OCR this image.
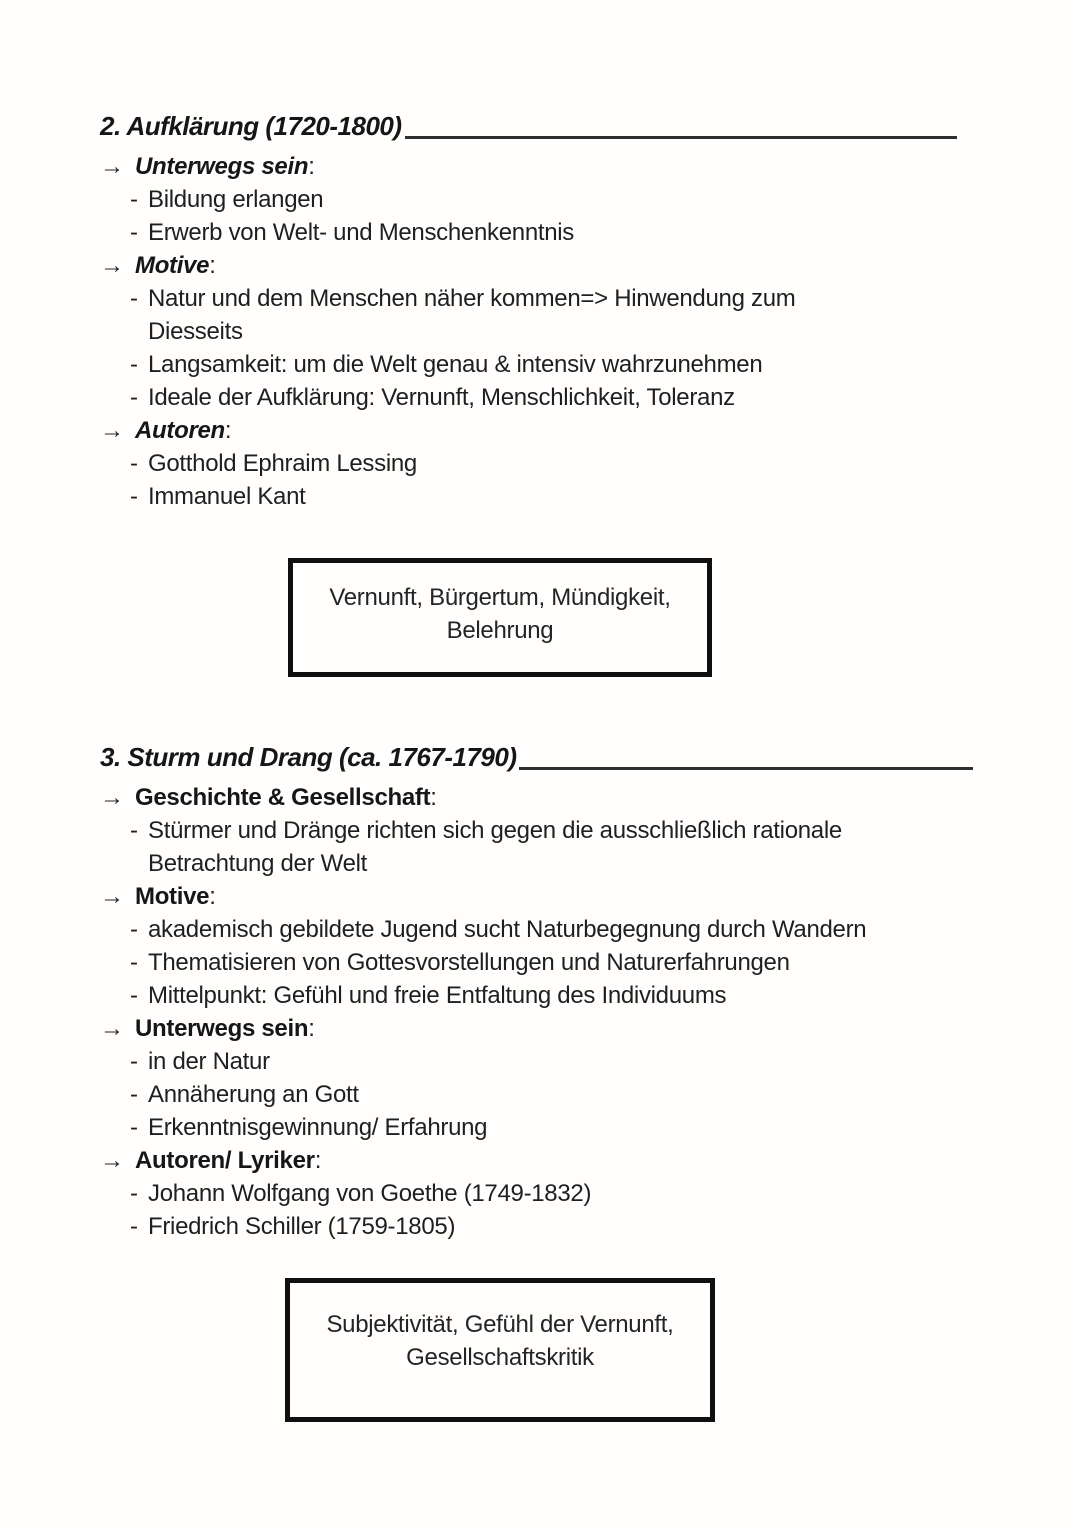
2. Aufklärung (1720-1800)
→ Unterwegs sein :
- Bildung erlangen
- Erwerb von Welt- und Menschenkenntnis
→ Motive :
- Natur und dem Menschen näher kommen=> Hinwendung zum
Diesseits
- Langsamkeit: um die Welt genau & intensiv wahrzunehmen
- Ideale der Aufklärung: Vernunft, Menschlichkeit, Toleranz
→ Autoren :
- Gotthold Ephraim Lessing
- Immanuel Kant
Vernunft, Bürgertum, Mündigkeit,
Belehrung
3. Sturm und Drang (ca. 1767-1790)
→ Geschichte & Gesellschaft :
- Stürmer und Dränge richten sich gegen die ausschließlich rationale
Betrachtung der Welt
→ Motive :
- akademisch gebildete Jugend sucht Naturbegegnung durch Wandern
- Thematisieren von Gottesvorstellungen und Naturerfahrungen
- Mittelpunkt: Gefühl und freie Entfaltung des Individuums
→ Unterwegs sein :
- in der Natur
- Annäherung an Gott
- Erkenntnisgewinnung/ Erfahrung
→ Autoren/ Lyriker :
- Johann Wolfgang von Goethe (1749-1832)
- Friedrich Schiller (1759-1805)
Subjektivität, Gefühl der Vernunft,
Gesellschaftskritik
